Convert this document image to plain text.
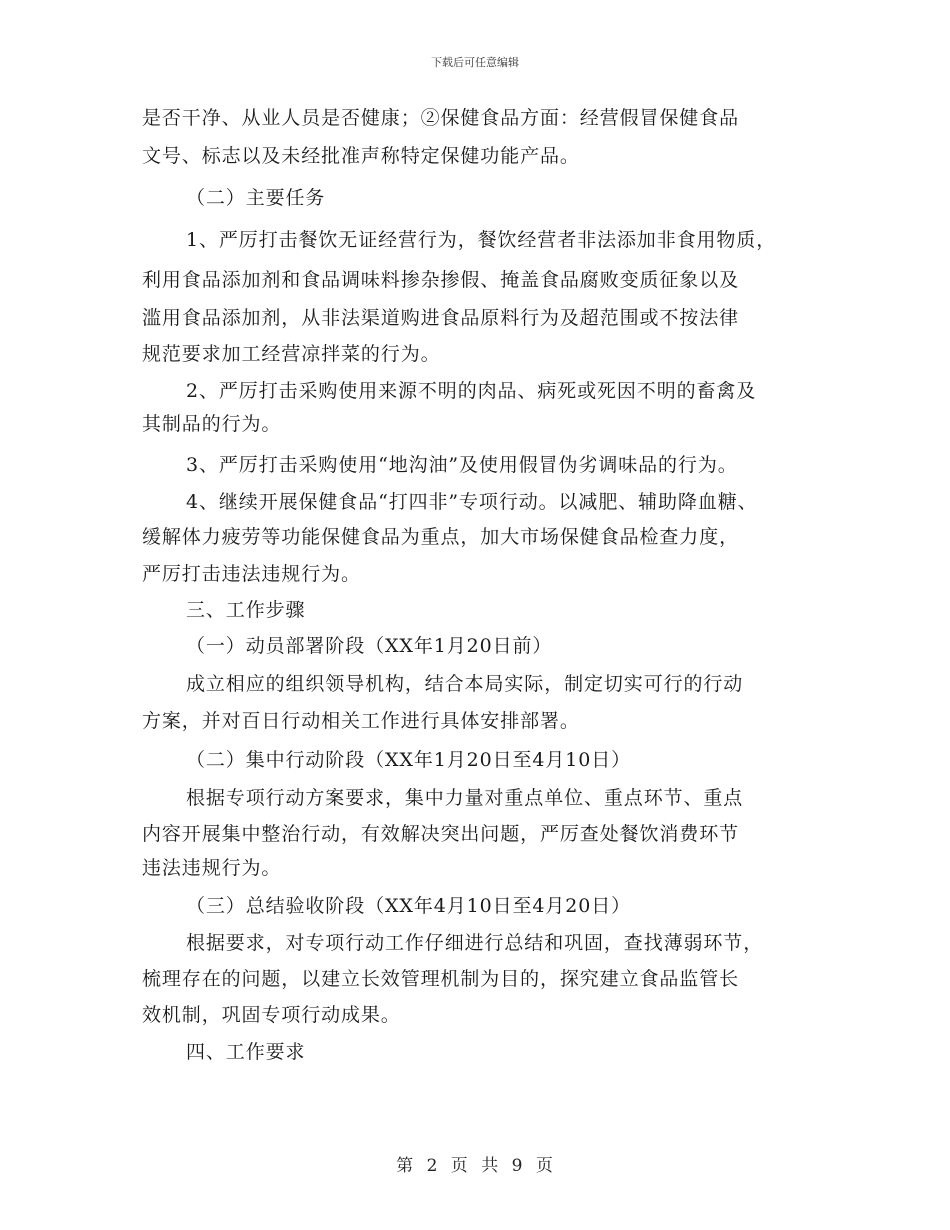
下载后可任意编辑
是否干净、从业人员是否健康；②保健食品方面：经营假冒保健食品
文号、标志以及未经批准声称特定保健功能产品。
（二）主要任务
1、严厉打击餐饮无证经营行为，餐饮经营者非法添加非食用物质，
利用食品添加剂和食品调味料掺杂掺假、掩盖食品腐败变质征象以及
滥用食品添加剂，从非法渠道购进食品原料行为及超范围或不按法律
规范要求加工经营凉拌菜的行为。
2、严厉打击采购使用来源不明的肉品、病死或死因不明的畜禽及
其制品的行为。
3、严厉打击采购使用“地沟油”及使用假冒伪劣调味品的行为。
4、继续开展保健食品“打四非”专项行动。以减肥、辅助降血糖、
缓解体力疲劳等功能保健食品为重点，加大市场保健食品检查力度，
严厉打击违法违规行为。
三、工作步骤
（一）动员部署阶段（XX年1月20日前）
成立相应的组织领导机构，结合本局实际，制定切实可行的行动
方案，并对百日行动相关工作进行具体安排部署。
（二）集中行动阶段（XX年1月20日至4月10日）
根据专项行动方案要求，集中力量对重点单位、重点环节、重点
内容开展集中整治行动，有效解决突出问题，严厉查处餐饮消费环节
违法违规行为。
（三）总结验收阶段（XX年4月10日至4月20日）
根据要求，对专项行动工作仔细进行总结和巩固，查找薄弱环节，
梳理存在的问题，以建立长效管理机制为目的，探究建立食品监管长
效机制，巩固专项行动成果。
四、工作要求
第 2 页 共 9 页
